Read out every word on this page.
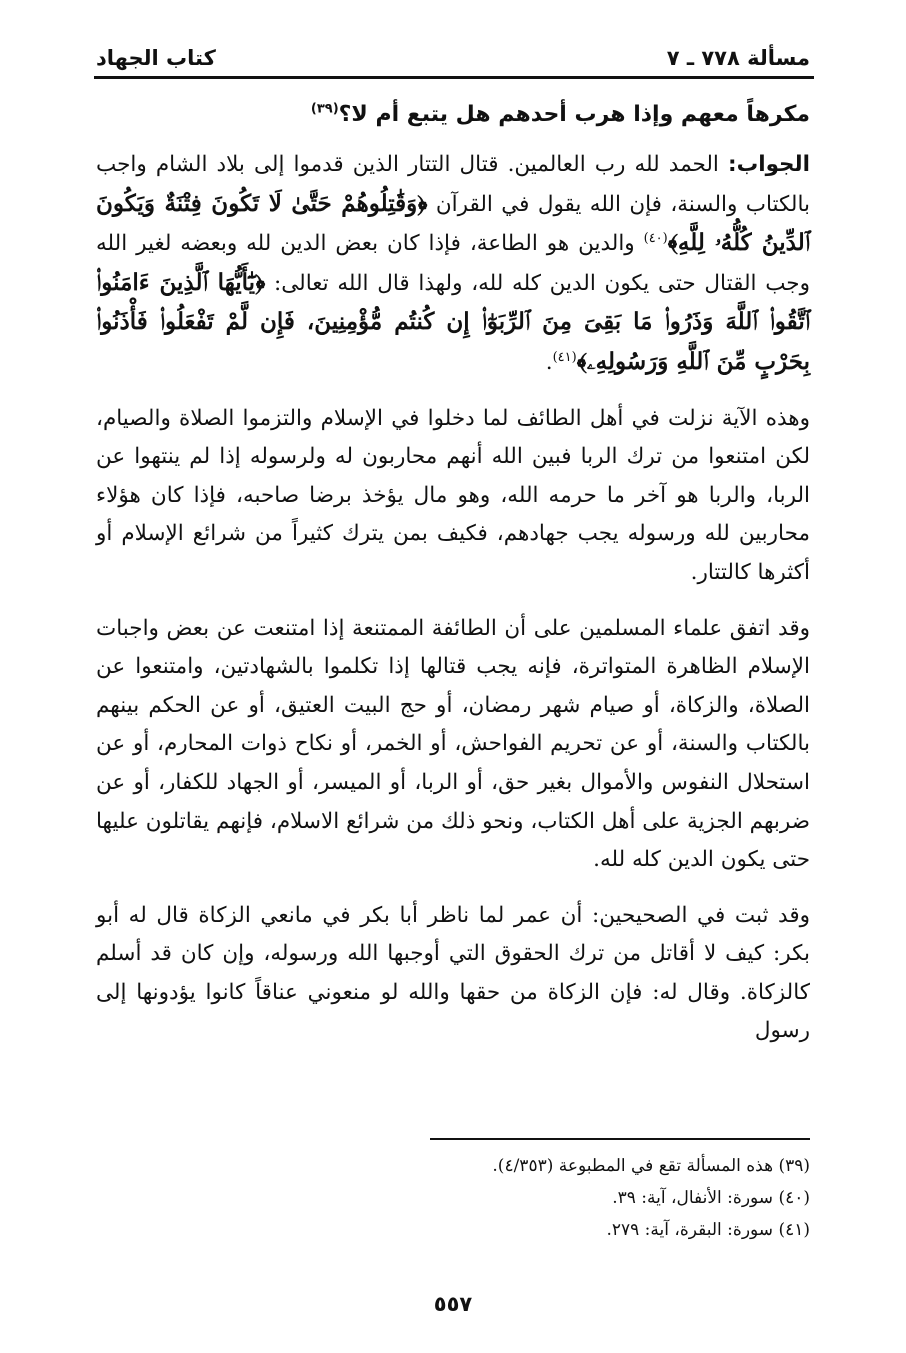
مسألة ٧٧٨ ـ ٧
كتاب الجهاد

مكرهاً معهم وإذا هرب أحدهم هل يتبع أم لا؟$^{(٣٩)}$

الجواب: الحمد لله رب العالمين. قتال التتار الذين قدموا إلى بلاد الشام واجب بالكتاب والسنة، فإن الله يقول في القرآن ﴿وَقَٰتِلُوهُمْ حَتَّىٰ لَا تَكُونَ فِتْنَةٌ وَيَكُونَ ٱلدِّينُ كُلُّهُۥ لِلَّهِ﴾$^{(٤٠)}$ والدين هو الطاعة، فإذا كان بعض الدين لله وبعضه لغير الله وجب القتال حتى يكون الدين كله لله، ولهذا قال الله تعالى: ﴿يَٰٓأَيُّهَا ٱلَّذِينَ ءَامَنُوا۟ ٱتَّقُوا۟ ٱللَّهَ وَذَرُوا۟ مَا بَقِىَ مِنَ ٱلرِّبَوٰٓا۟ إِن كُنتُم مُّؤْمِنِينَ، فَإِن لَّمْ تَفْعَلُوا۟ فَأْذَنُوا۟ بِحَرْبٍ مِّنَ ٱللَّهِ وَرَسُولِهِۦ﴾$^{(٤١)}$.

وهذه الآية نزلت في أهل الطائف لما دخلوا في الإسلام والتزموا الصلاة والصيام، لكن امتنعوا من ترك الربا فبين الله أنهم محاربون له ولرسوله إذا لم ينتهوا عن الربا، والربا هو آخر ما حرمه الله، وهو مال يؤخذ برضا صاحبه، فإذا كان هؤلاء محاربين لله ورسوله يجب جهادهم، فكيف بمن يترك كثيراً من شرائع الإسلام أو أكثرها كالتتار.

وقد اتفق علماء المسلمين على أن الطائفة الممتنعة إذا امتنعت عن بعض واجبات الإسلام الظاهرة المتواترة، فإنه يجب قتالها إذا تكلموا بالشهادتين، وامتنعوا عن الصلاة، والزكاة، أو صيام شهر رمضان، أو حج البيت العتيق، أو عن الحكم بينهم بالكتاب والسنة، أو عن تحريم الفواحش، أو الخمر، أو نكاح ذوات المحارم، أو عن استحلال النفوس والأموال بغير حق، أو الربا، أو الميسر، أو الجهاد للكفار، أو عن ضربهم الجزية على أهل الكتاب، ونحو ذلك من شرائع الاسلام، فإنهم يقاتلون عليها حتى يكون الدين كله لله.

وقد ثبت في الصحيحين: أن عمر لما ناظر أبا بكر في مانعي الزكاة قال له أبو بكر: كيف لا أقاتل من ترك الحقوق التي أوجبها الله ورسوله، وإن كان قد أسلم كالزكاة. وقال له: فإن الزكاة من حقها والله لو منعوني عناقاً كانوا يؤدونها إلى رسول

(٣٩) هذه المسألة تقع في المطبوعة (٤/٣٥٣).

(٤٠) سورة: الأنفال، آية: ٣٩.

(٤١) سورة: البقرة، آية: ٢٧٩.

٥٥٧
